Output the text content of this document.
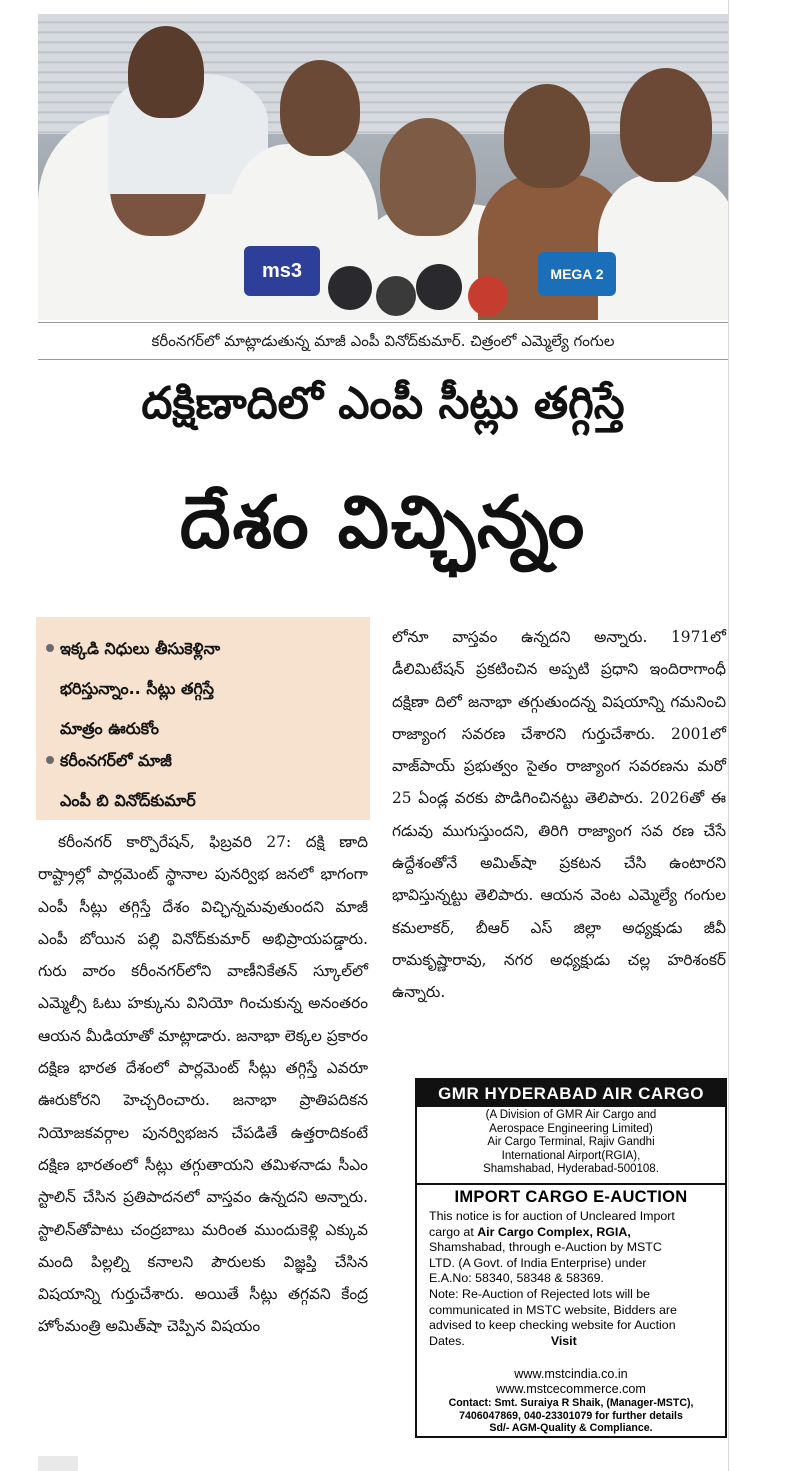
ms3	MEGA 2
కరీంనగర్‌లో మాట్లాడుతున్న మాజీ ఎంపీ వినోద్‌కుమార్‌. చిత్రంలో ఎమ్మెల్యే గంగుల
దక్షిణాదిలో ఎంపీ సీట్లు తగ్గిస్తే
దేశం విచ్ఛిన్నం
ఇక్కడి నిధులు తీసుకెళ్లినా
భరిస్తున్నాం.. సీట్లు తగ్గిస్తే
మాత్రం ఊరుకోం
కరీంనగర్‌లో మాజీ
ఎంపీ బి వినోద్‌కుమార్‌

కరీంనగర్ కార్పొరేషన్, ఫిబ్రవరి 27: దక్షి ణాది రాష్ట్రాల్లో పార్లమెంట్ స్థానాల పునర్విభ జనలో భాగంగా ఎంపీ సీట్లు తగ్గిస్తే దేశం విచ్ఛిన్నమవుతుందని మాజీ ఎంపీ బోయిన పల్లి వినోద్‌కుమార్ అభిప్రాయపడ్డారు. గురు వారం కరీంనగర్‌లోని వాణీనికేతన్ స్కూల్‌లో ఎమ్మెల్సీ ఓటు హక్కును వినియో గించుకున్న అనంతరం ఆయన మీడియాతో మాట్లాడారు. జనాభా లెక్కల ప్రకారం దక్షిణ భారత దేశంలో పార్లమెంట్ సీట్లు తగ్గిస్తే ఎవరూ ఊరుకోరని హెచ్చరించారు. జనాభా ప్రాతిపదికన నియోజకవర్గాల పునర్విభజన చేపడితే ఉత్తరాదికంటే దక్షిణ భారతంలో సీట్లు తగ్గుతాయని తమిళనాడు సీఎం స్టాలిన్ చేసిన ప్రతిపాదనలో వాస్తవం ఉన్నదని అన్నారు. స్టాలిన్‌తోపాటు చంద్రబాబు మరింత ముందుకెళ్లి ఎక్కువ మంది పిల్లల్ని కనాలని పౌరులకు విజ్ఞప్తి చేసిన విషయాన్ని గుర్తుచేశారు. అయితే సీట్లు తగ్గవని కేంద్ర హోంమంత్రి అమిత్‌షా చెప్పిన విషయం

లోనూ వాస్తవం ఉన్నదని అన్నారు. 1971లో డీలిమిటేషన్ ప్రకటించిన అప్పటి ప్రధాని ఇందిరాగాంధీ దక్షిణా దిలో జనాభా తగ్గుతుందన్న విషయాన్ని గమనించి రాజ్యాంగ సవరణ చేశారని గుర్తుచేశారు. 2001లో వాజ్‌పాయ్ ప్రభుత్వం సైతం రాజ్యాంగ సవరణను మరో 25 ఏండ్ల వరకు పొడిగించినట్టు తెలిపారు. 2026తో ఈ గడువు ముగుస్తుందని, తిరిగి రాజ్యాంగ సవ రణ చేసే ఉద్దేశంతోనే అమిత్‌షా ప్రకటన చేసి ఉంటారని భావిస్తున్నట్టు తెలిపారు. ఆయన వెంట ఎమ్మెల్యే గంగుల కమలాకర్, బీఆర్ ఎస్ జిల్లా అధ్యక్షుడు జీవీ రామకృష్ణారావు, నగర అధ్యక్షుడు చల్ల హరిశంకర్ ఉన్నారు.

GMR HYDERABAD AIR CARGO
(A Division of GMR Air Cargo and
Aerospace Engineering Limited)
Air Cargo Terminal, Rajiv Gandhi
International Airport(RGIA),
Shamshabad, Hyderabad-500108.
IMPORT CARGO E-AUCTION
This notice is for auction of Uncleared Import
cargo at Air Cargo Complex, RGIA,
Shamshabad, through e-Auction by MSTC
LTD. (A Govt. of India Enterprise) under
E.A.No: 58340, 58348 & 58369.
Note: Re-Auction of Rejected lots will be
communicated in MSTC website, Bidders are
advised to keep checking website for Auction
Dates.	Visit
www.mstcindia.co.in
www.mstcecommerce.com
Contact: Smt. Suraiya R Shaik, (Manager-MSTC),
7406047869, 040-23301079 for further details
Sd/- AGM-Quality & Compliance.
